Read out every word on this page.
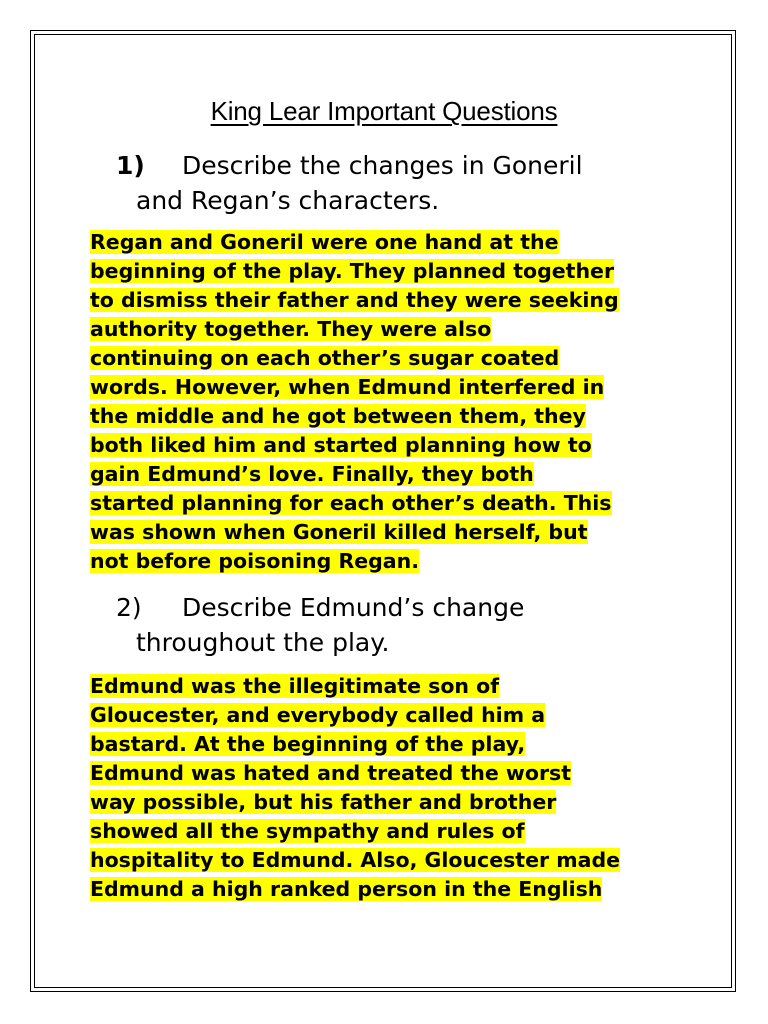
King Lear Important Questions
1) Describe the changes in Goneril
and Regan’s characters.
Regan and Goneril were one hand at the
beginning of the play. They planned together
to dismiss their father and they were seeking
authority together. They were also
continuing on each other’s sugar coated
words. However, when Edmund interfered in
the middle and he got between them, they
both liked him and started planning how to
gain Edmund’s love. Finally, they both
started planning for each other’s death. This
was shown when Goneril killed herself, but
not before poisoning Regan.
2) Describe Edmund’s change
throughout the play.
Edmund was the illegitimate son of
Gloucester, and everybody called him a
bastard. At the beginning of the play,
Edmund was hated and treated the worst
way possible, but his father and brother
showed all the sympathy and rules of
hospitality to Edmund. Also, Gloucester made
Edmund a high ranked person in the English
